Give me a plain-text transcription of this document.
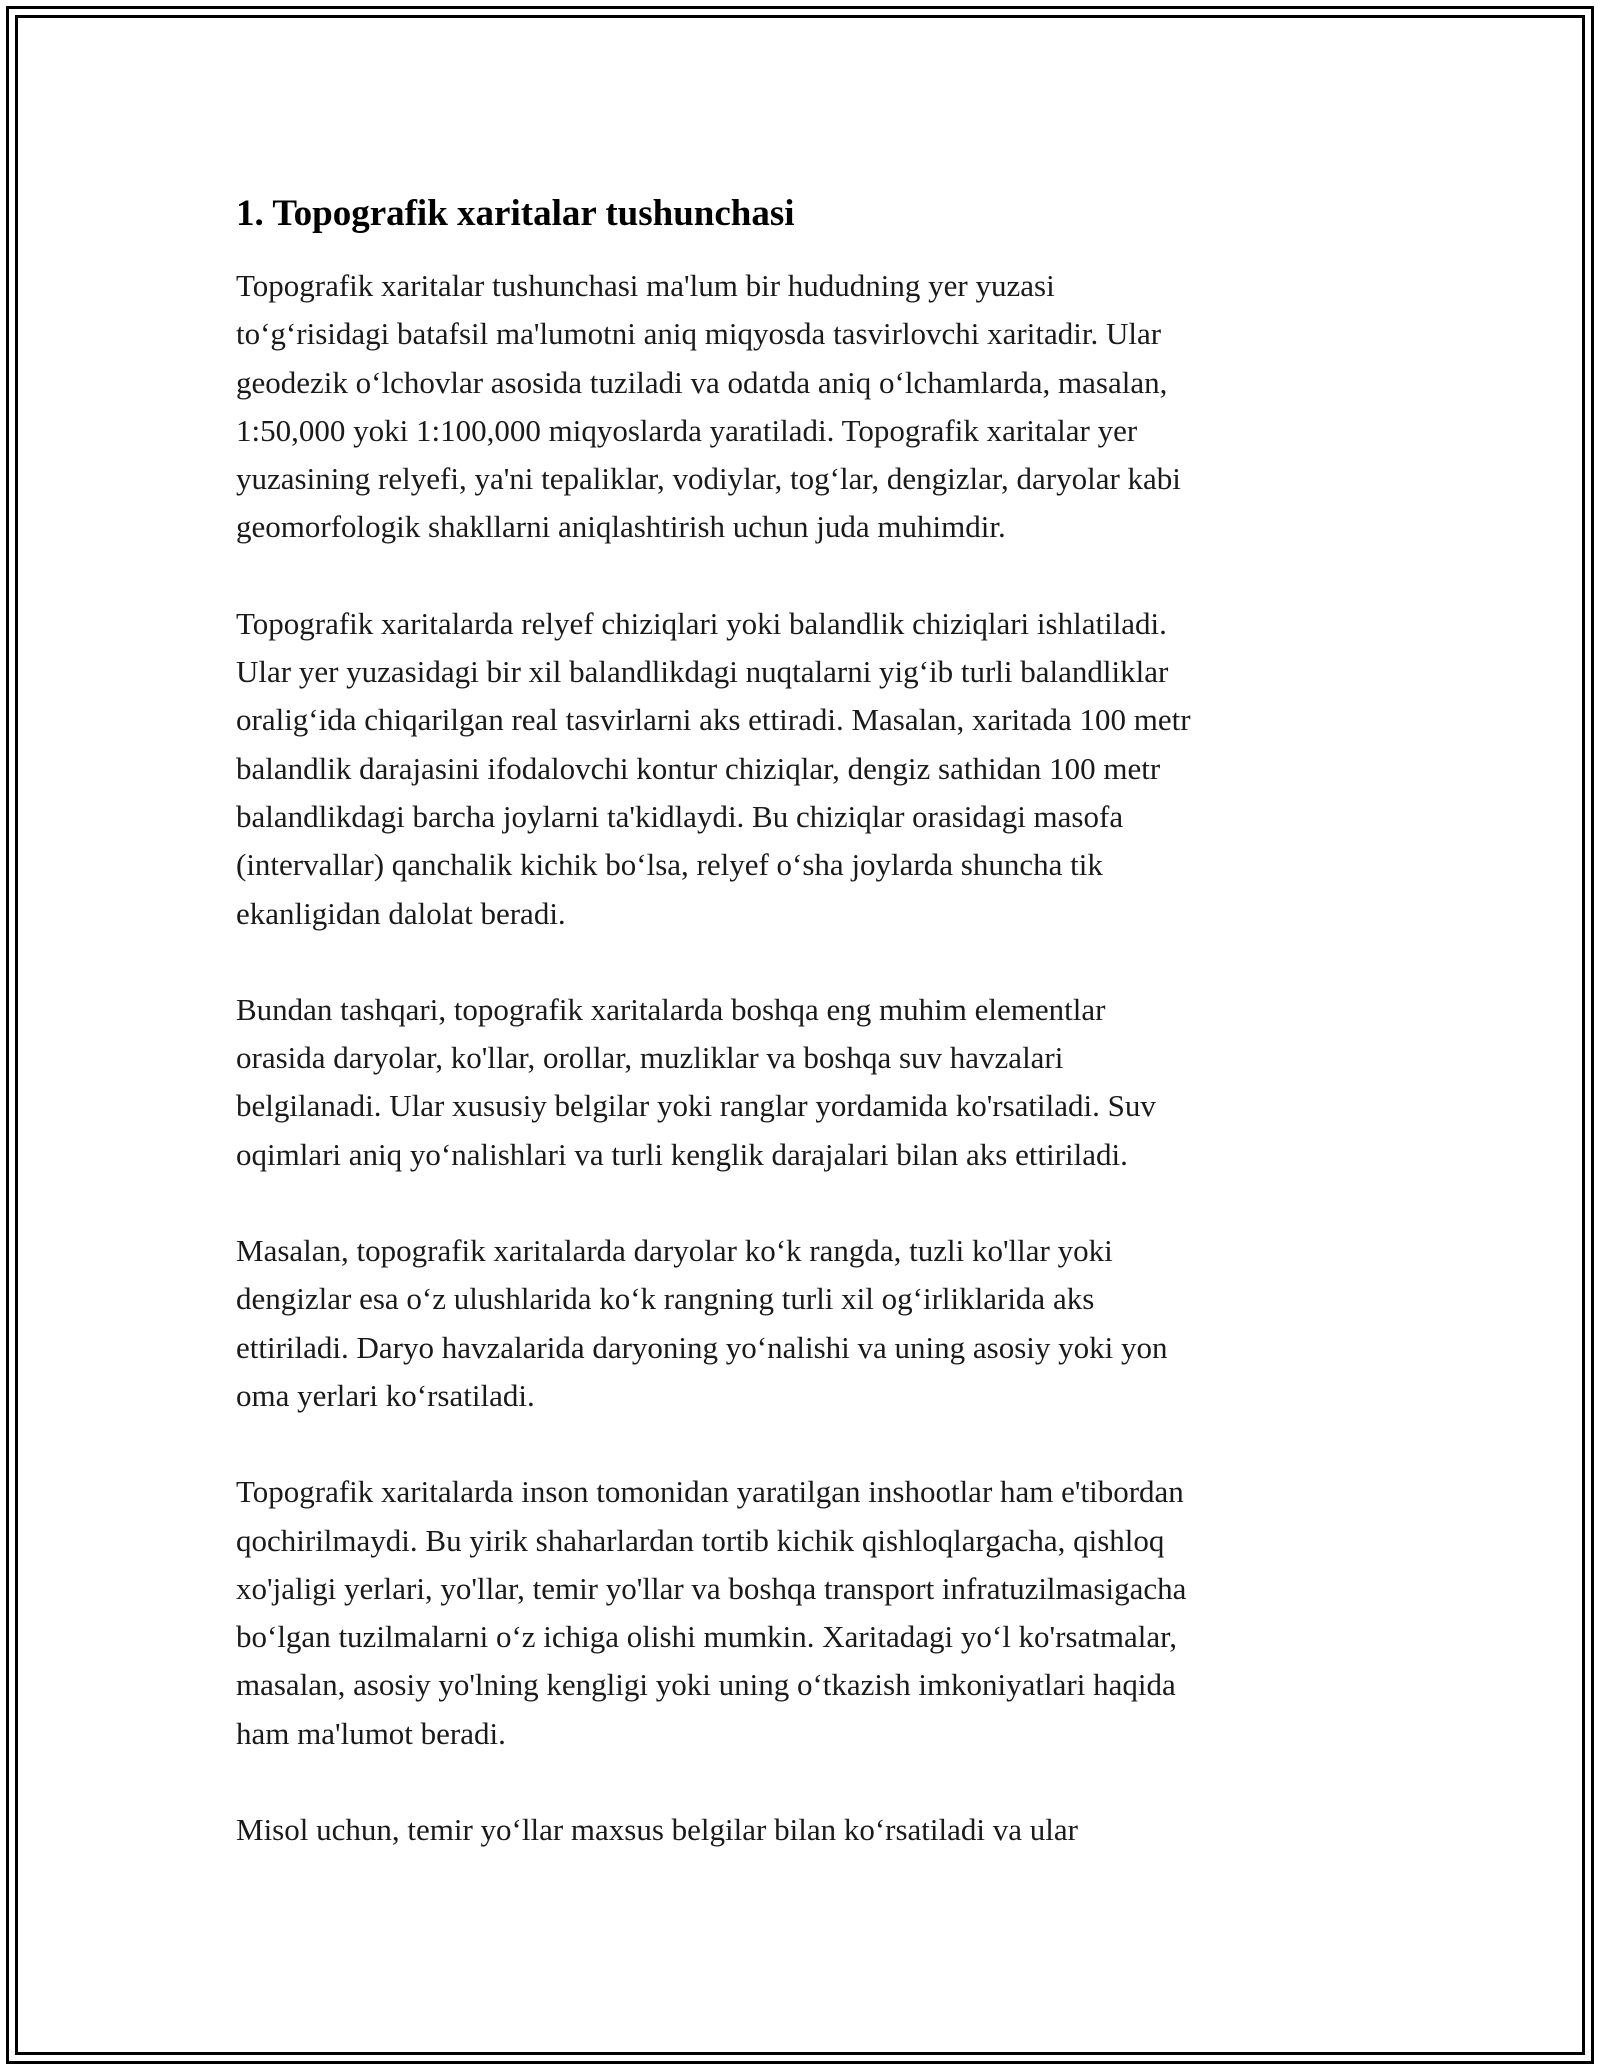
1. Topografik xaritalar tushunchasi

Topografik xaritalar tushunchasi ma'lum bir hududning yer yuzasi
to‘g‘risidagi batafsil ma'lumotni aniq miqyosda tasvirlovchi xaritadir. Ular
geodezik o‘lchovlar asosida tuziladi va odatda aniq o‘lchamlarda, masalan,
1:50,000 yoki 1:100,000 miqyoslarda yaratiladi. Topografik xaritalar yer
yuzasining relyefi, ya'ni tepaliklar, vodiylar, tog‘lar, dengizlar, daryolar kabi
geomorfologik shakllarni aniqlashtirish uchun juda muhimdir.

Topografik xaritalarda relyef chiziqlari yoki balandlik chiziqlari ishlatiladi.
Ular yer yuzasidagi bir xil balandlikdagi nuqtalarni yig‘ib turli balandliklar
oralig‘ida chiqarilgan real tasvirlarni aks ettiradi. Masalan, xaritada 100 metr
balandlik darajasini ifodalovchi kontur chiziqlar, dengiz sathidan 100 metr
balandlikdagi barcha joylarni ta'kidlaydi. Bu chiziqlar orasidagi masofa
(intervallar) qanchalik kichik bo‘lsa, relyef o‘sha joylarda shuncha tik
ekanligidan dalolat beradi.

Bundan tashqari, topografik xaritalarda boshqa eng muhim elementlar
orasida daryolar, ko'llar, orollar, muzliklar va boshqa suv havzalari
belgilanadi. Ular xususiy belgilar yoki ranglar yordamida ko'rsatiladi. Suv
oqimlari aniq yo‘nalishlari va turli kenglik darajalari bilan aks ettiriladi.

Masalan, topografik xaritalarda daryolar ko‘k rangda, tuzli ko'llar yoki
dengizlar esa o‘z ulushlarida ko‘k rangning turli xil og‘irliklarida aks
ettiriladi. Daryo havzalarida daryoning yo‘nalishi va uning asosiy yoki yon
oma yerlari ko‘rsatiladi.

Topografik xaritalarda inson tomonidan yaratilgan inshootlar ham e'tibordan
qochirilmaydi. Bu yirik shaharlardan tortib kichik qishloqlargacha, qishloq
xo'jaligi yerlari, yo'llar, temir yo'llar va boshqa transport infratuzilmasigacha
bo‘lgan tuzilmalarni o‘z ichiga olishi mumkin. Xaritadagi yo‘l ko'rsatmalar,
masalan, asosiy yo'lning kengligi yoki uning o‘tkazish imkoniyatlari haqida
ham ma'lumot beradi.

Misol uchun, temir yo‘llar maxsus belgilar bilan ko‘rsatiladi va ular
